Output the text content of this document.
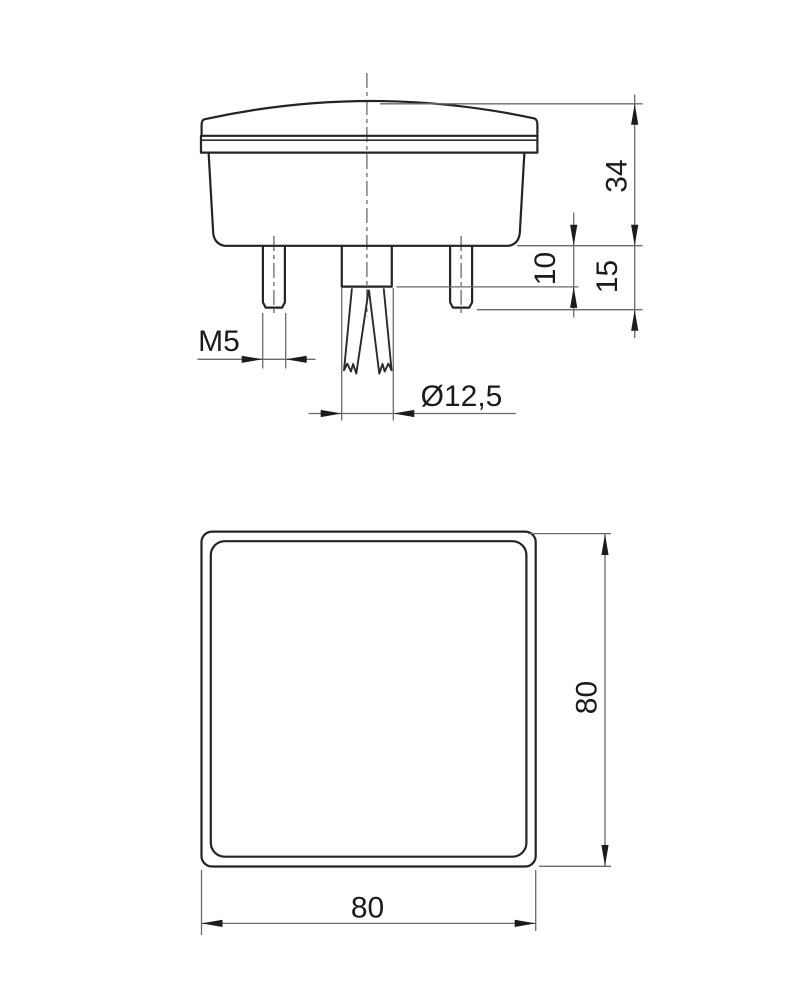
34
10 15
M5
Ø12,5
80
80
